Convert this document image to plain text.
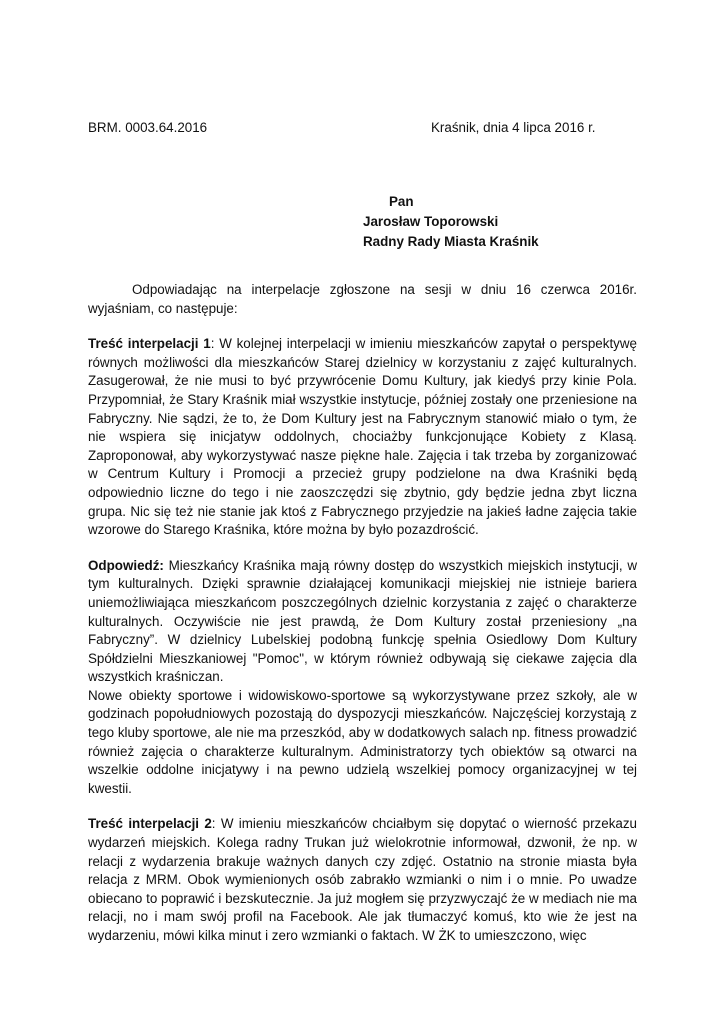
BRM. 0003.64.2016	Kraśnik, dnia 4 lipca 2016 r.
Pan
Jarosław Toporowski
Radny Rady Miasta Kraśnik

Odpowiadając na interpelacje zgłoszone na sesji w dniu 16 czerwca 2016r. wyjaśniam, co następuje:

Treść interpelacji 1: W kolejnej interpelacji w imieniu mieszkańców zapytał o perspektywę równych możliwości dla mieszkańców Starej dzielnicy w korzystaniu z zajęć kulturalnych. Zasugerował, że nie musi to być przywrócenie Domu Kultury, jak kiedyś przy kinie Pola. Przypomniał, że Stary Kraśnik miał wszystkie instytucje, później zostały one przeniesione na Fabryczny. Nie sądzi, że to, że Dom Kultury jest na Fabrycznym stanowić miało o tym, że nie wspiera się inicjatyw oddolnych, chociażby funkcjonujące Kobiety z Klasą. Zaproponował, aby wykorzystywać nasze piękne hale. Zajęcia i tak trzeba by zorganizować w Centrum Kultury i Promocji a przecież grupy podzielone na dwa Kraśniki będą odpowiednio liczne do tego i nie zaoszczędzi się zbytnio, gdy będzie jedna zbyt liczna grupa. Nic się też nie stanie jak ktoś z Fabrycznego przyjedzie na jakieś ładne zajęcia takie wzorowe do Starego Kraśnika, które można by było pozazdrościć.

Odpowiedź: Mieszkańcy Kraśnika mają równy dostęp do wszystkich miejskich instytucji, w tym kulturalnych. Dzięki sprawnie działającej komunikacji miejskiej nie istnieje bariera uniemożliwiająca mieszkańcom poszczególnych dzielnic korzystania z zajęć o charakterze kulturalnych. Oczywiście nie jest prawdą, że Dom Kultury został przeniesiony „na Fabryczny”. W dzielnicy Lubelskiej podobną funkcję spełnia Osiedlowy Dom Kultury Spółdzielni Mieszkaniowej "Pomoc", w którym również odbywają się ciekawe zajęcia dla wszystkich kraśniczan.

Nowe obiekty sportowe i widowiskowo-sportowe są wykorzystywane przez szkoły, ale w godzinach popołudniowych pozostają do dyspozycji mieszkańców. Najczęściej korzystają z tego kluby sportowe, ale nie ma przeszkód, aby w dodatkowych salach np. fitness prowadzić również zajęcia o charakterze kulturalnym. Administratorzy tych obiektów są otwarci na wszelkie oddolne inicjatywy i na pewno udzielą wszelkiej pomocy organizacyjnej w tej kwestii.

Treść interpelacji 2: W imieniu mieszkańców chciałbym się dopytać o wierność przekazu wydarzeń miejskich. Kolega radny Trukan już wielokrotnie informował, dzwonił, że np. w relacji z wydarzenia brakuje ważnych danych czy zdjęć. Ostatnio na stronie miasta była relacja z MRM. Obok wymienionych osób zabrakło wzmianki o nim i o mnie. Po uwadze obiecano to poprawić i bezskutecznie. Ja już mogłem się przyzwyczajć że w mediach nie ma relacji, no i mam swój profil na Facebook. Ale jak tłumaczyć komuś, kto wie że jest na wydarzeniu, mówi kilka minut i zero wzmianki o faktach. W ŻK to umieszczono, więc
